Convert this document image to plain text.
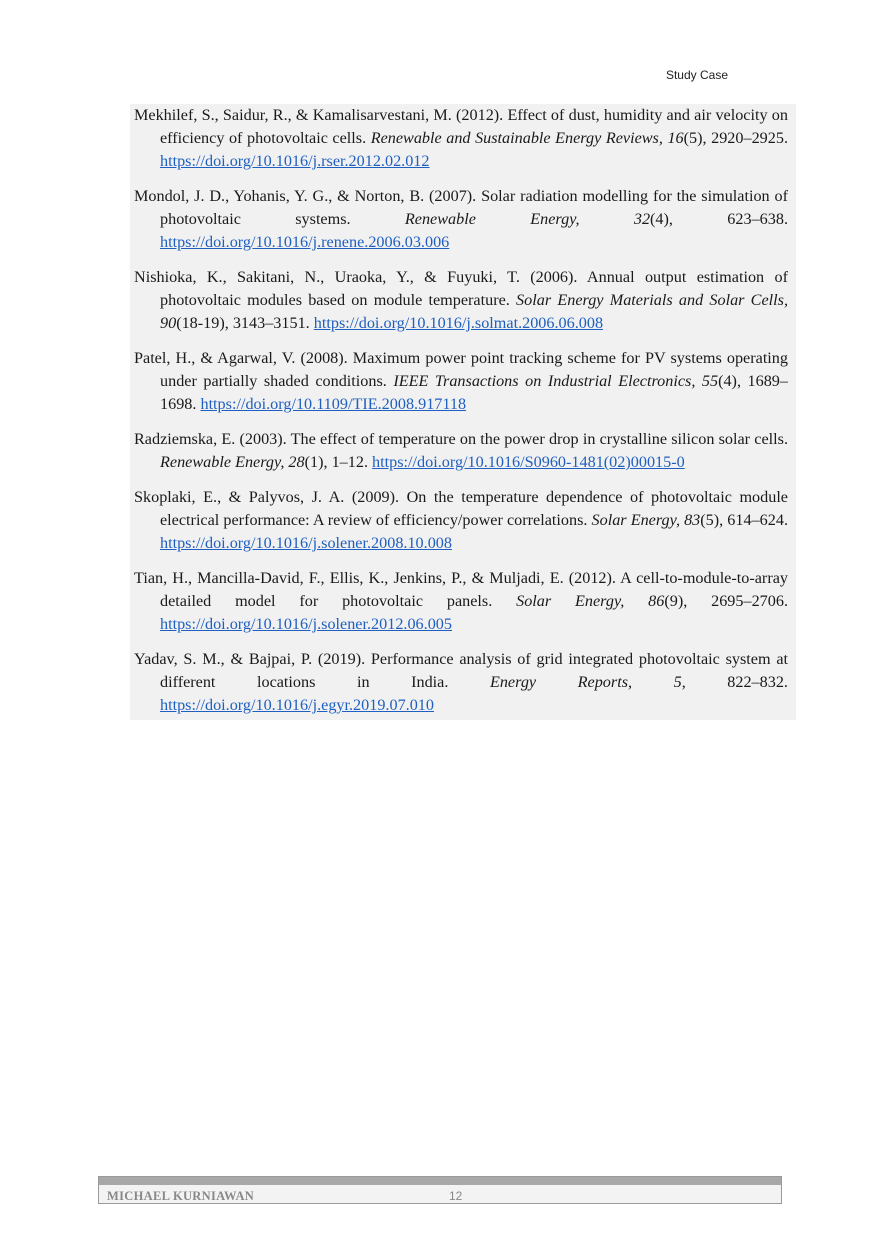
Study Case

Mekhilef, S., Saidur, R., & Kamalisarvestani, M. (2012). Effect of dust, humidity and air velocity on efficiency of photovoltaic cells. Renewable and Sustainable Energy Reviews, 16(5), 2920–2925. https://doi.org/10.1016/j.rser.2012.02.012

Mondol, J. D., Yohanis, Y. G., & Norton, B. (2007). Solar radiation modelling for the simulation of photovoltaic systems. Renewable Energy, 32(4), 623–638. https://doi.org/10.1016/j.renene.2006.03.006

Nishioka, K., Sakitani, N., Uraoka, Y., & Fuyuki, T. (2006). Annual output estimation of photovoltaic modules based on module temperature. Solar Energy Materials and Solar Cells, 90(18-19), 3143–3151. https://doi.org/10.1016/j.solmat.2006.06.008

Patel, H., & Agarwal, V. (2008). Maximum power point tracking scheme for PV systems operating under partially shaded conditions. IEEE Transactions on Industrial Electronics, 55(4), 1689–1698. https://doi.org/10.1109/TIE.2008.917118

Radziemska, E. (2003). The effect of temperature on the power drop in crystalline silicon solar cells. Renewable Energy, 28(1), 1–12. https://doi.org/10.1016/S0960-1481(02)00015-0

Skoplaki, E., & Palyvos, J. A. (2009). On the temperature dependence of photovoltaic module electrical performance: A review of efficiency/power correlations. Solar Energy, 83(5), 614–624. https://doi.org/10.1016/j.solener.2008.10.008

Tian, H., Mancilla-David, F., Ellis, K., Jenkins, P., & Muljadi, E. (2012). A cell-to-module-to-array detailed model for photovoltaic panels. Solar Energy, 86(9), 2695–2706. https://doi.org/10.1016/j.solener.2012.06.005

Yadav, S. M., & Bajpai, P. (2019). Performance analysis of grid integrated photovoltaic system at different locations in India. Energy Reports, 5, 822–832. https://doi.org/10.1016/j.egyr.2019.07.010

MICHAEL KURNIAWAN	12
